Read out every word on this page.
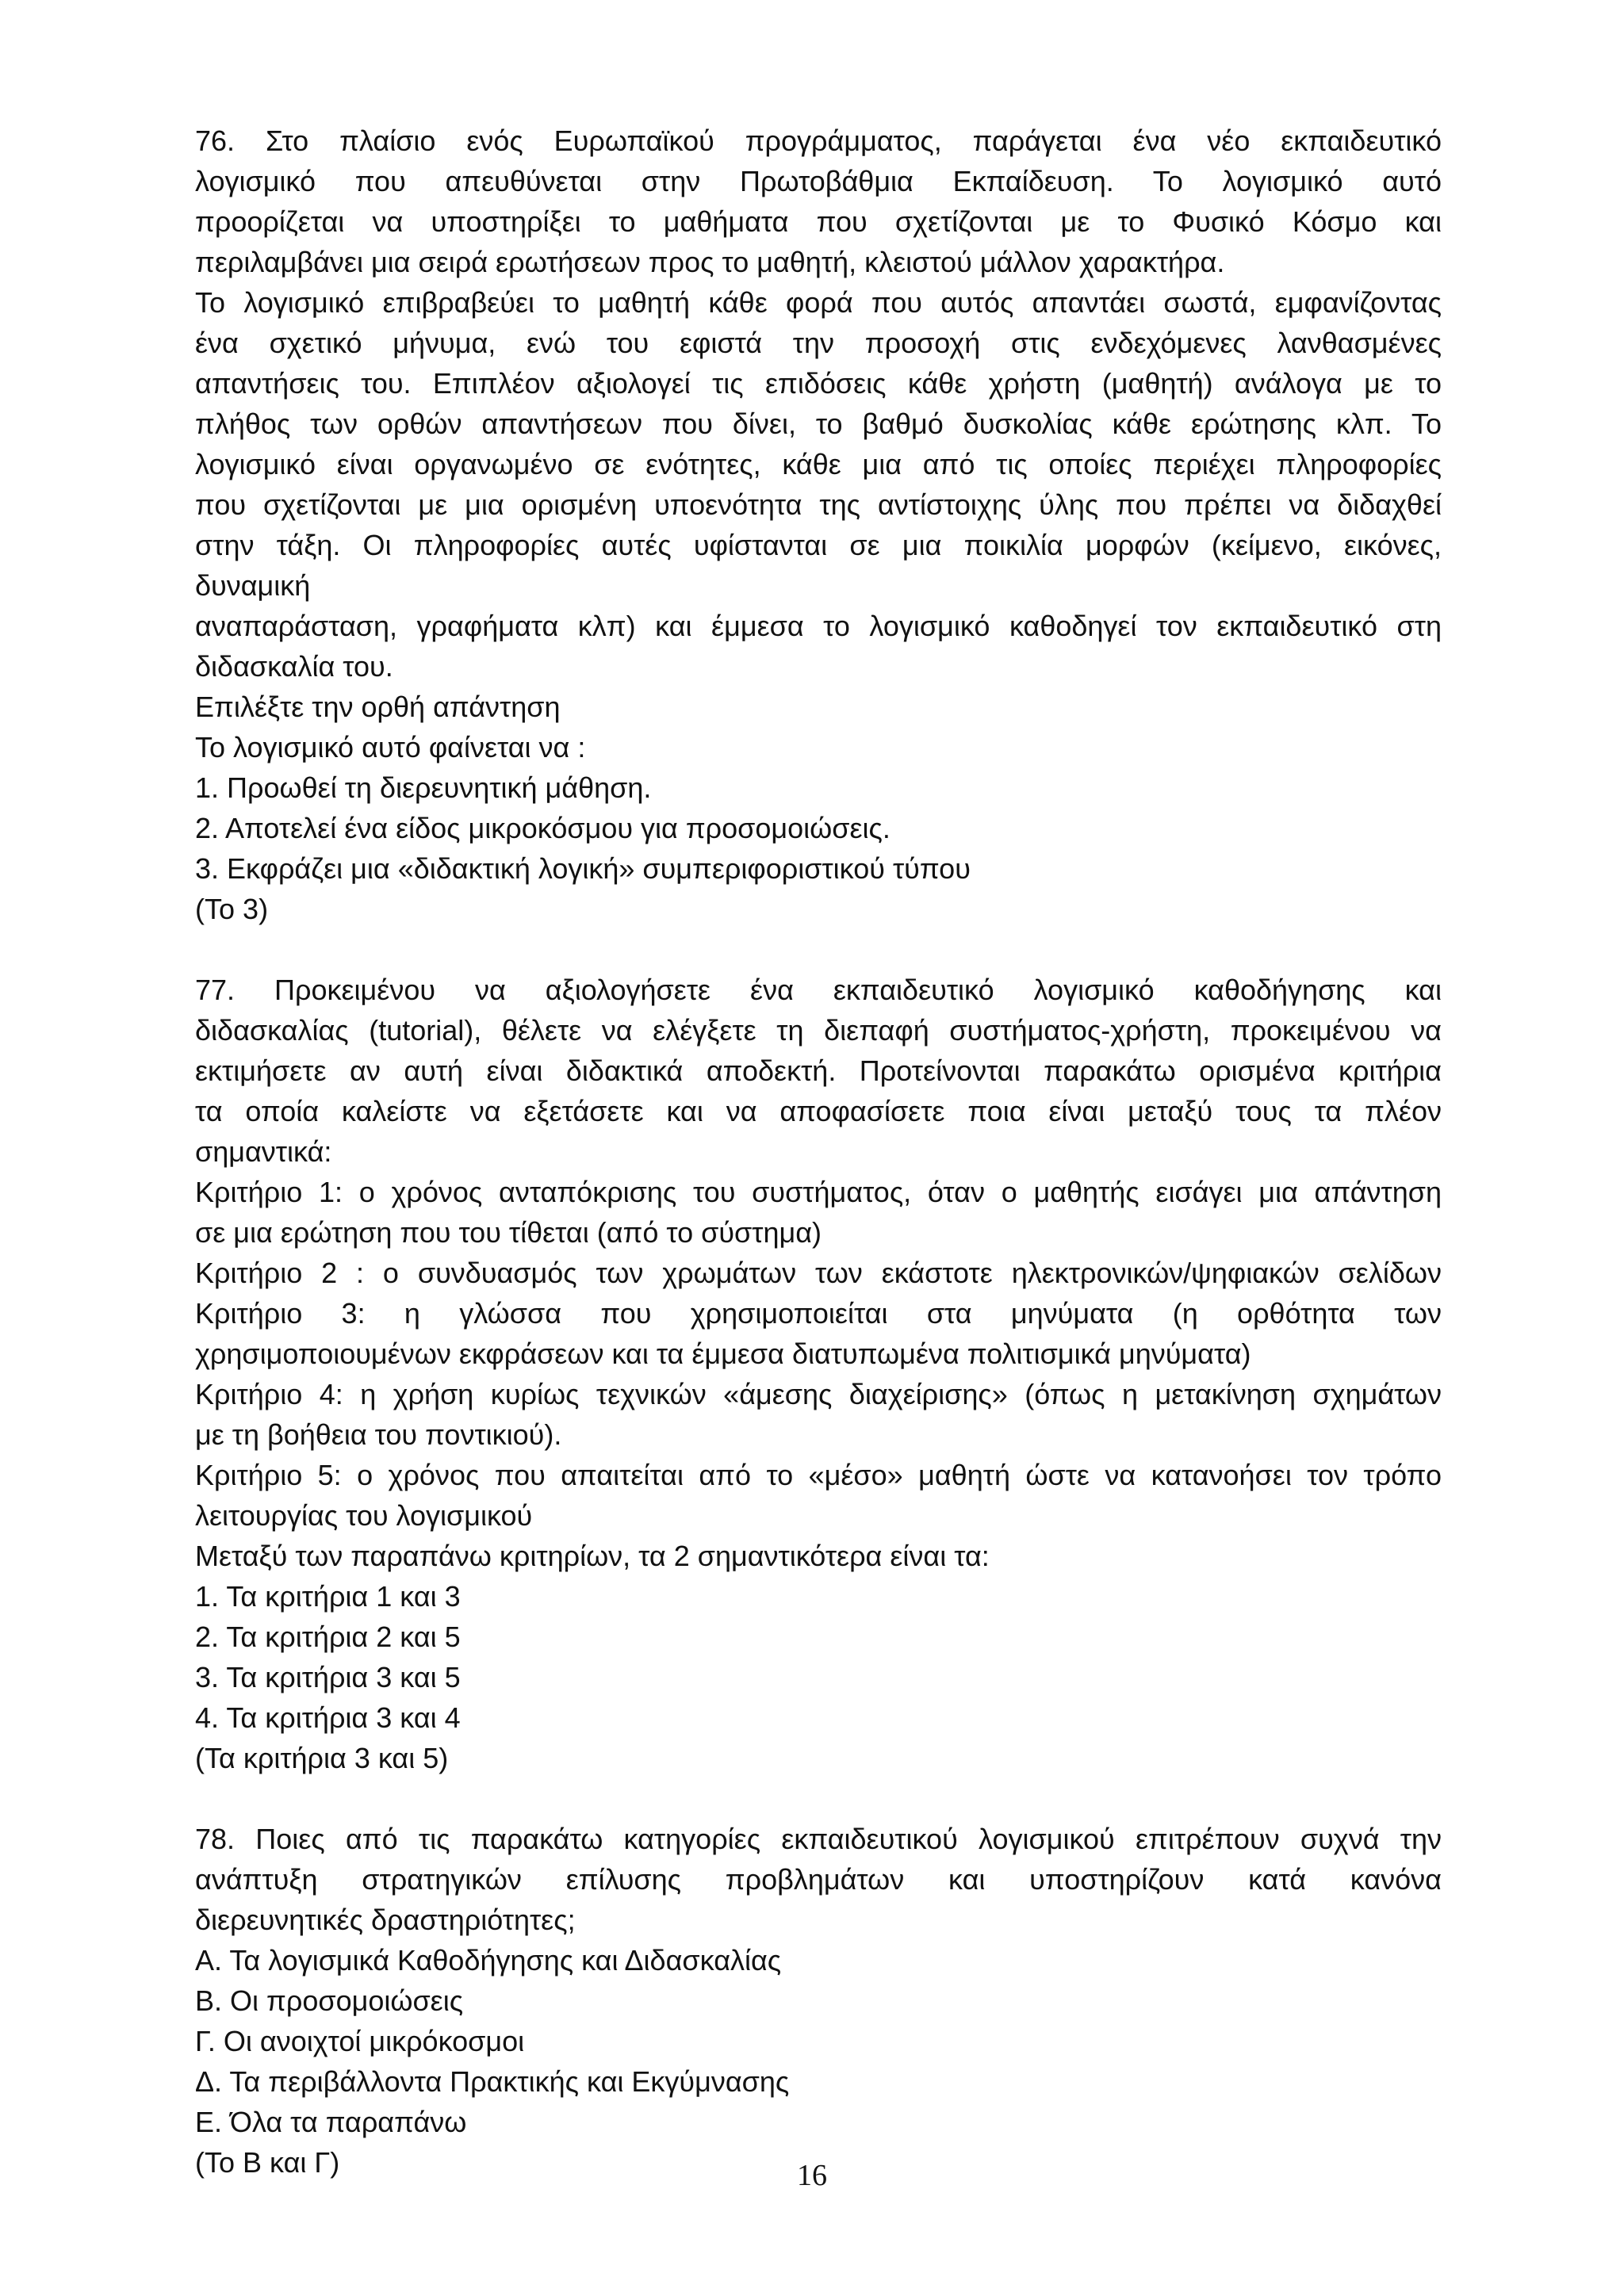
76. Στο πλαίσιο ενός Ευρωπαϊκού προγράμματος, παράγεται ένα νέο εκπαιδευτικό
λογισμικό που απευθύνεται στην Πρωτοβάθμια Εκπαίδευση. Το λογισμικό αυτό
προορίζεται να υποστηρίξει το μαθήματα που σχετίζονται με το Φυσικό Κόσμο και
περιλαμβάνει μια σειρά ερωτήσεων προς το μαθητή, κλειστού μάλλον χαρακτήρα.
Το λογισμικό επιβραβεύει το μαθητή κάθε φορά που αυτός απαντάει σωστά, εμφανίζοντας
ένα σχετικό μήνυμα, ενώ του εφιστά την προσοχή στις ενδεχόμενες λανθασμένες
απαντήσεις του. Επιπλέον αξιολογεί τις επιδόσεις κάθε χρήστη (μαθητή) ανάλογα με το
πλήθος των ορθών απαντήσεων που δίνει, το βαθμό δυσκολίας κάθε ερώτησης κλπ. Το
λογισμικό είναι οργανωμένο σε ενότητες, κάθε μια από τις οποίες περιέχει πληροφορίες
που σχετίζονται με μια ορισμένη υποενότητα της αντίστοιχης ύλης που πρέπει να διδαχθεί
στην τάξη. Οι πληροφορίες αυτές υφίστανται σε μια ποικιλία μορφών (κείμενο, εικόνες,
δυναμική
αναπαράσταση, γραφήματα κλπ) και έμμεσα το λογισμικό καθοδηγεί τον εκπαιδευτικό στη
διδασκαλία του.
Επιλέξτε την ορθή απάντηση
Το λογισμικό αυτό φαίνεται να :
1. Προωθεί τη διερευνητική μάθηση.
2. Αποτελεί ένα είδος μικροκόσμου για προσομοιώσεις.
3. Εκφράζει μια «διδακτική λογική» συμπεριφοριστικού τύπου
(Το 3)
77. Προκειμένου να αξιολογήσετε ένα εκπαιδευτικό λογισμικό καθοδήγησης και
διδασκαλίας (tutorial), θέλετε να ελέγξετε τη διεπαφή συστήματος-χρήστη, προκειμένου να
εκτιμήσετε αν αυτή είναι διδακτικά αποδεκτή. Προτείνονται παρακάτω ορισμένα κριτήρια
τα οποία καλείστε να εξετάσετε και να αποφασίσετε ποια είναι μεταξύ τους τα πλέον
σημαντικά:
Κριτήριο 1: ο χρόνος ανταπόκρισης του συστήματος, όταν ο μαθητής εισάγει μια απάντηση
σε μια ερώτηση που του τίθεται (από το σύστημα)
Κριτήριο 2 : ο συνδυασμός των χρωμάτων των εκάστοτε ηλεκτρονικών/ψηφιακών σελίδων
Κριτήριο 3: η γλώσσα που χρησιμοποιείται στα μηνύματα (η ορθότητα των
χρησιμοποιουμένων εκφράσεων και τα έμμεσα διατυπωμένα πολιτισμικά μηνύματα)
Κριτήριο 4: η χρήση κυρίως τεχνικών «άμεσης διαχείρισης» (όπως η μετακίνηση σχημάτων
με τη βοήθεια του ποντικιού).
Κριτήριο 5: ο χρόνος που απαιτείται από το «μέσο» μαθητή ώστε να κατανοήσει τον τρόπο
λειτουργίας του λογισμικού
Μεταξύ των παραπάνω κριτηρίων, τα 2 σημαντικότερα είναι τα:
1. Τα κριτήρια 1 και 3
2. Τα κριτήρια 2 και 5
3. Τα κριτήρια 3 και 5
4. Τα κριτήρια 3 και 4
(Τα κριτήρια 3 και 5)
78. Ποιες από τις παρακάτω κατηγορίες εκπαιδευτικού λογισμικού επιτρέπουν συχνά την
ανάπτυξη στρατηγικών επίλυσης προβλημάτων και υποστηρίζουν κατά κανόνα
διερευνητικές δραστηριότητες;
Α. Τα λογισμικά Καθοδήγησης και Διδασκαλίας
Β. Οι προσομοιώσεις
Γ. Οι ανοιχτοί μικρόκοσμοι
Δ. Τα περιβάλλοντα Πρακτικής και Εκγύμνασης
Ε. Όλα τα παραπάνω
(Το Β και Γ)	16
